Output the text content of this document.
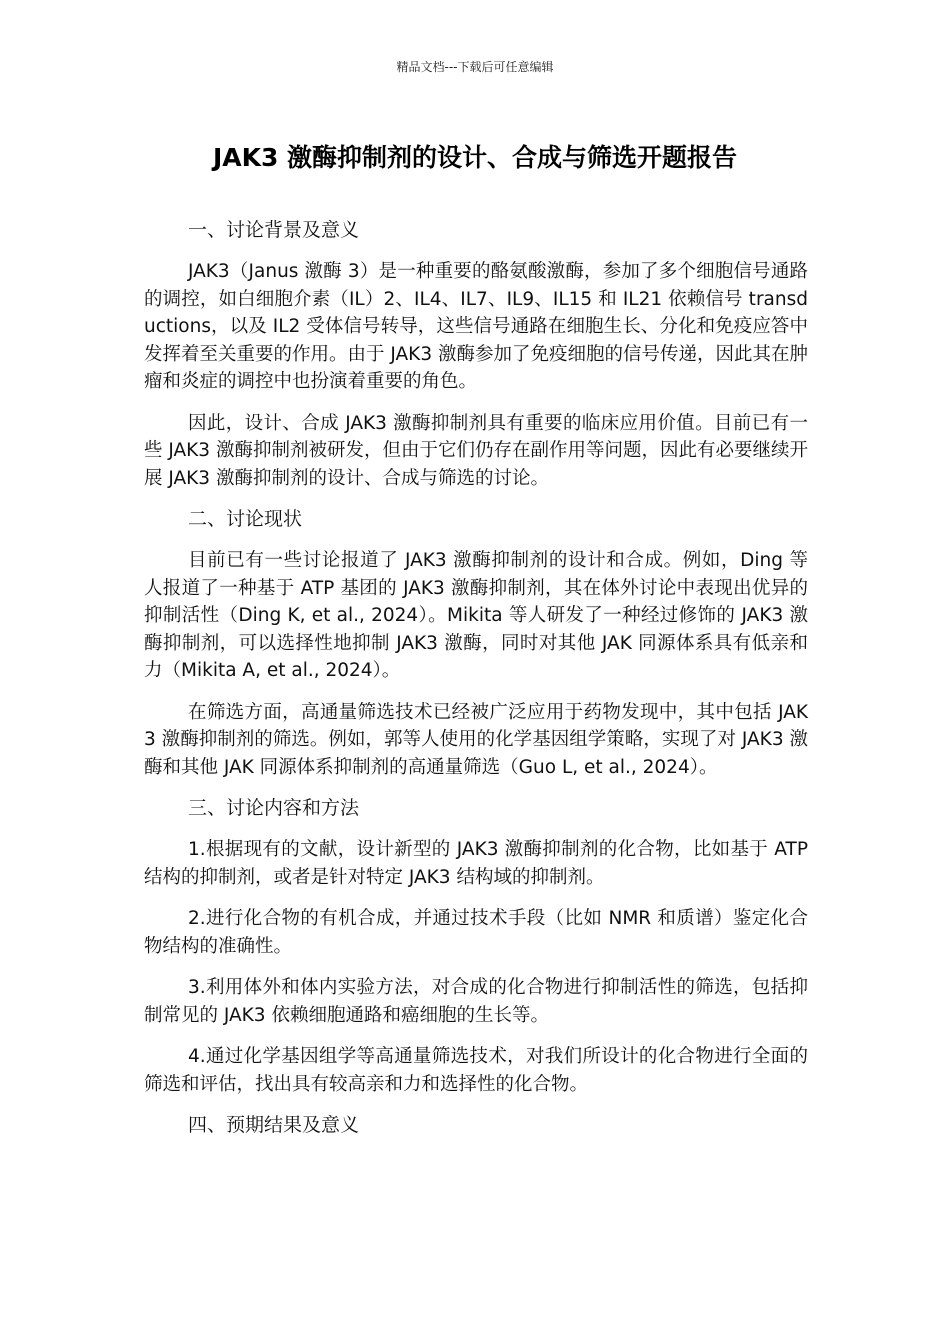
精品文档---下载后可任意编辑
JAK3 激酶抑制剂的设计、合成与筛选开题报告
一、讨论背景及意义

JAK3（Janus 激酶 3）是一种重要的酪氨酸激酶，参加了多个细胞信号通路的调控，如白细胞介素（IL）2、IL4、IL7、IL9、IL15 和 IL21 依赖信号 transductions，以及 IL2 受体信号转导，这些信号通路在细胞生长、分化和免疫应答中发挥着至关重要的作用。由于 JAK3 激酶参加了免疫细胞的信号传递，因此其在肿瘤和炎症的调控中也扮演着重要的角色。

因此，设计、合成 JAK3 激酶抑制剂具有重要的临床应用价值。目前已有一些 JAK3 激酶抑制剂被研发，但由于它们仍存在副作用等问题，因此有必要继续开展 JAK3 激酶抑制剂的设计、合成与筛选的讨论。

二、讨论现状

目前已有一些讨论报道了 JAK3 激酶抑制剂的设计和合成。例如，Ding 等人报道了一种基于 ATP 基团的 JAK3 激酶抑制剂，其在体外讨论中表现出优异的抑制活性（Ding K, et al., 2024）。Mikita 等人研发了一种经过修饰的 JAK3 激酶抑制剂，可以选择性地抑制 JAK3 激酶，同时对其他 JAK 同源体系具有低亲和力（Mikita A, et al., 2024）。

在筛选方面，高通量筛选技术已经被广泛应用于药物发现中，其中包括 JAK3 激酶抑制剂的筛选。例如，郭等人使用的化学基因组学策略，实现了对 JAK3 激酶和其他 JAK 同源体系抑制剂的高通量筛选（Guo L, et al., 2024）。

三、讨论内容和方法

1.根据现有的文献，设计新型的 JAK3 激酶抑制剂的化合物，比如基于 ATP 结构的抑制剂，或者是针对特定 JAK3 结构域的抑制剂。

2.进行化合物的有机合成，并通过技术手段（比如 NMR 和质谱）鉴定化合物结构的准确性。

3.利用体外和体内实验方法，对合成的化合物进行抑制活性的筛选，包括抑制常见的 JAK3 依赖细胞通路和癌细胞的生长等。

4.通过化学基因组学等高通量筛选技术，对我们所设计的化合物进行全面的筛选和评估，找出具有较高亲和力和选择性的化合物。

四、预期结果及意义
